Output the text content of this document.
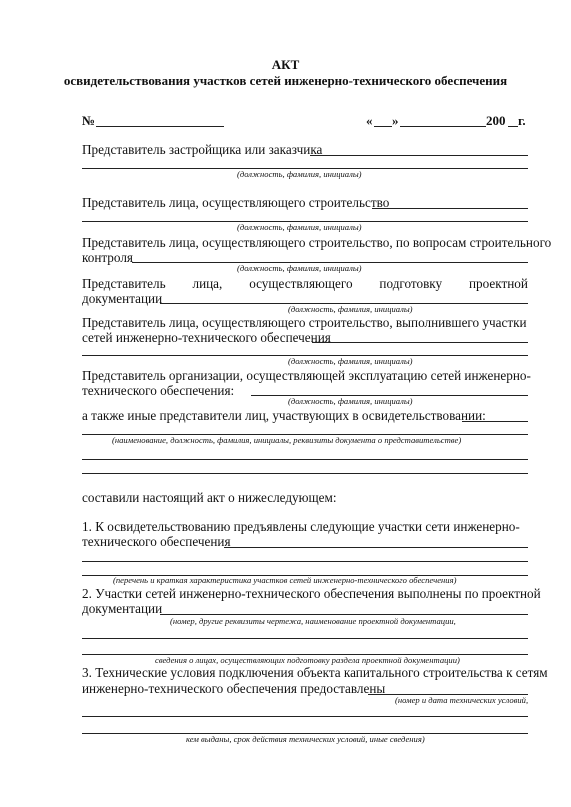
АКТ
освидетельствования участков сетей инженерно-технического обеспечения
№	« »	200 г.
Представитель застройщика или заказчика
(должность, фамилия, инициалы)
Представитель лица, осуществляющего строительство
(должность, фамилия, инициалы)
Представитель лица, осуществляющего строительство, по вопросам строительного
контроля
(должность, фамилия, инициалы)
Представитель лица, осуществляющего подготовку проектной
документации
(должность, фамилия, инициалы)
Представитель лица, осуществляющего строительство, выполнившего участки
сетей инженерно-технического обеспечения
(должность, фамилия, инициалы)
Представитель организации, осуществляющей эксплуатацию сетей инженерно-
технического обеспечения:
(должность, фамилия, инициалы)
а также иные представители лиц, участвующих в освидетельствовании:
(наименование, должность, фамилия, инициалы, реквизиты документа о представительстве)
составили настоящий акт о нижеследующем:
1. К освидетельствованию предъявлены следующие участки сети инженерно-
технического обеспечения
(перечень и краткая характеристика участков сетей инженерно-технического обеспечения)
2. Участки сетей инженерно-технического обеспечения выполнены по проектной
документации
(номер, другие реквизиты чертежа, наименование проектной документации,
сведения о лицах, осуществляющих подготовку раздела проектной документации)
3. Технические условия подключения объекта капитального строительства к сетям
инженерно-технического обеспечения предоставлены
(номер и дата технических условий,
кем выданы, срок действия технических условий, иные сведения)
